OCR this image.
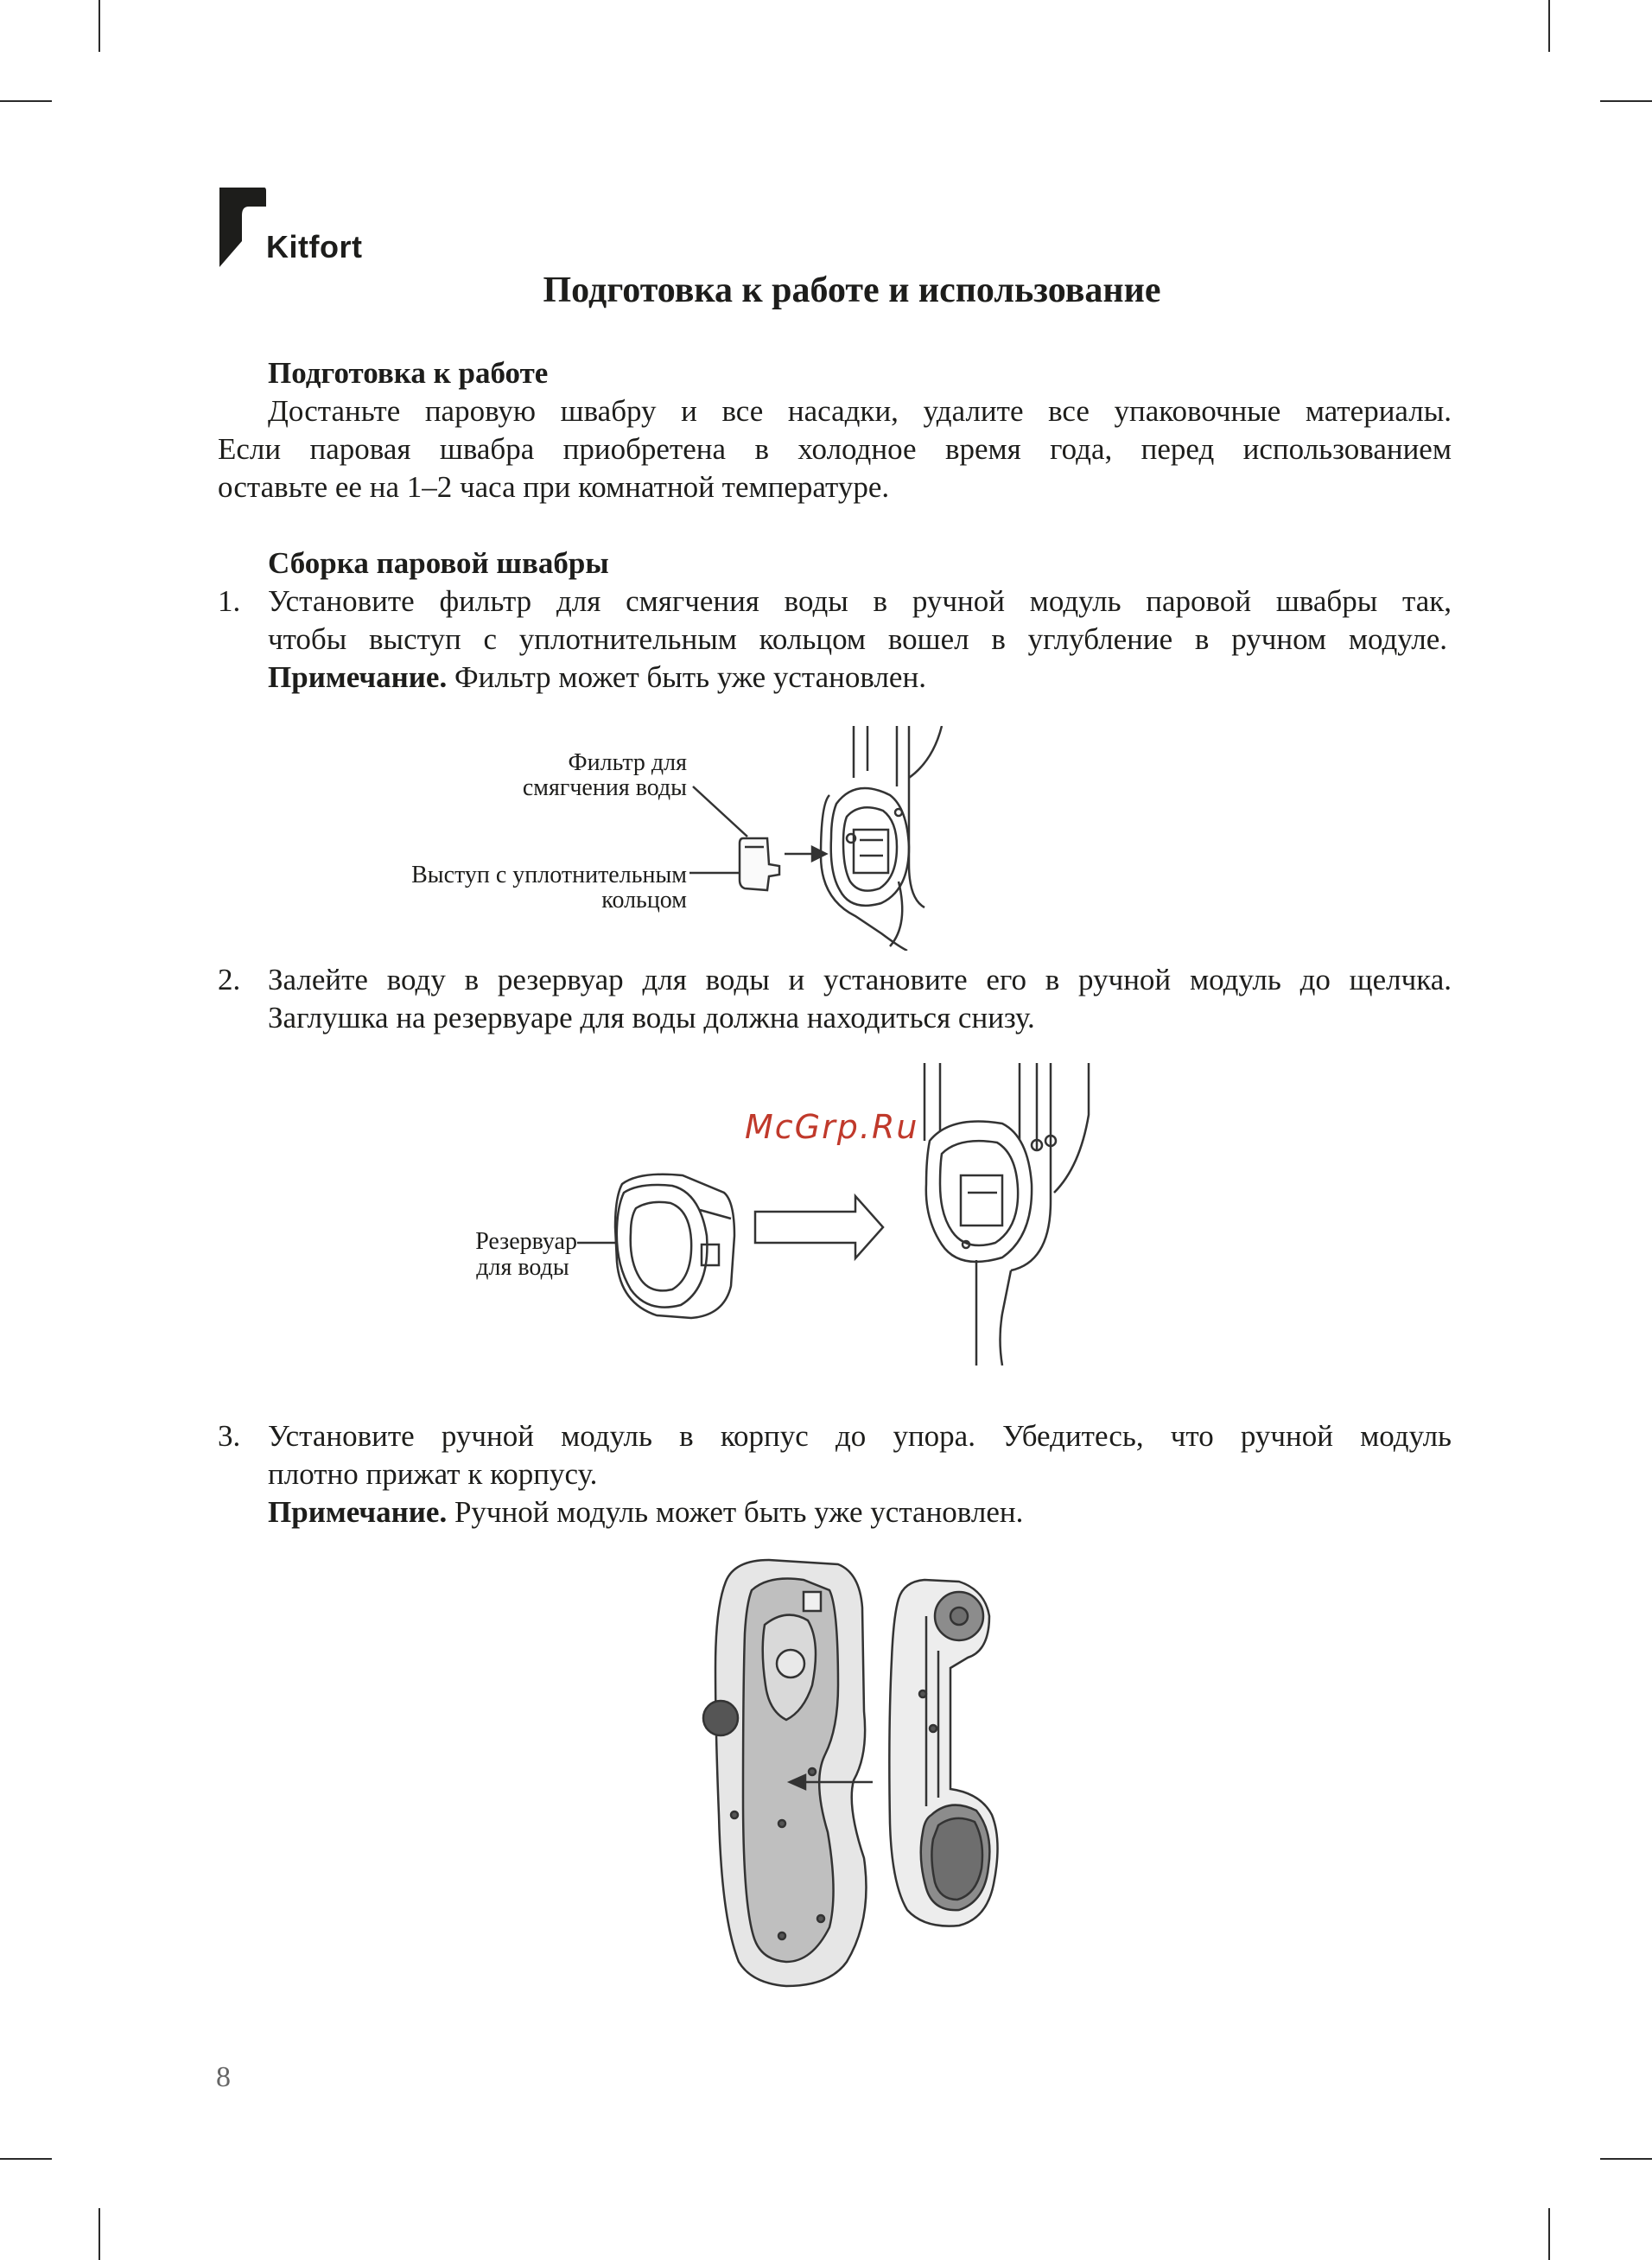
Kitfort
Подготовка к работе и использование
Подготовка к работе
Достаньте паровую швабру и все насадки, удалите все упаковочные материалы.
Если паровая швабра приобретена в холодное время года, перед использованием
оставьте ее на 1–2 часа при комнатной температуре.
Сборка паровой швабры
1. Установите фильтр для смягчения воды в ручной модуль паровой швабры так,
чтобы выступ с уплотнительным кольцом вошел в углубление в ручном модуле.
Примечание. Фильтр может быть уже установлен.
Фильтр для
смягчения воды
Выступ с уплотнительным
кольцом
2. Залейте воду в резервуар для воды и установите его в ручной модуль до щелчка.
Заглушка на резервуаре для воды должна находиться снизу.
McGrp.Ru
Резервуар
для воды
3. Установите ручной модуль в корпус до упора. Убедитесь, что ручной модуль
плотно прижат к корпусу.
Примечание. Ручной модуль может быть уже установлен.
8
